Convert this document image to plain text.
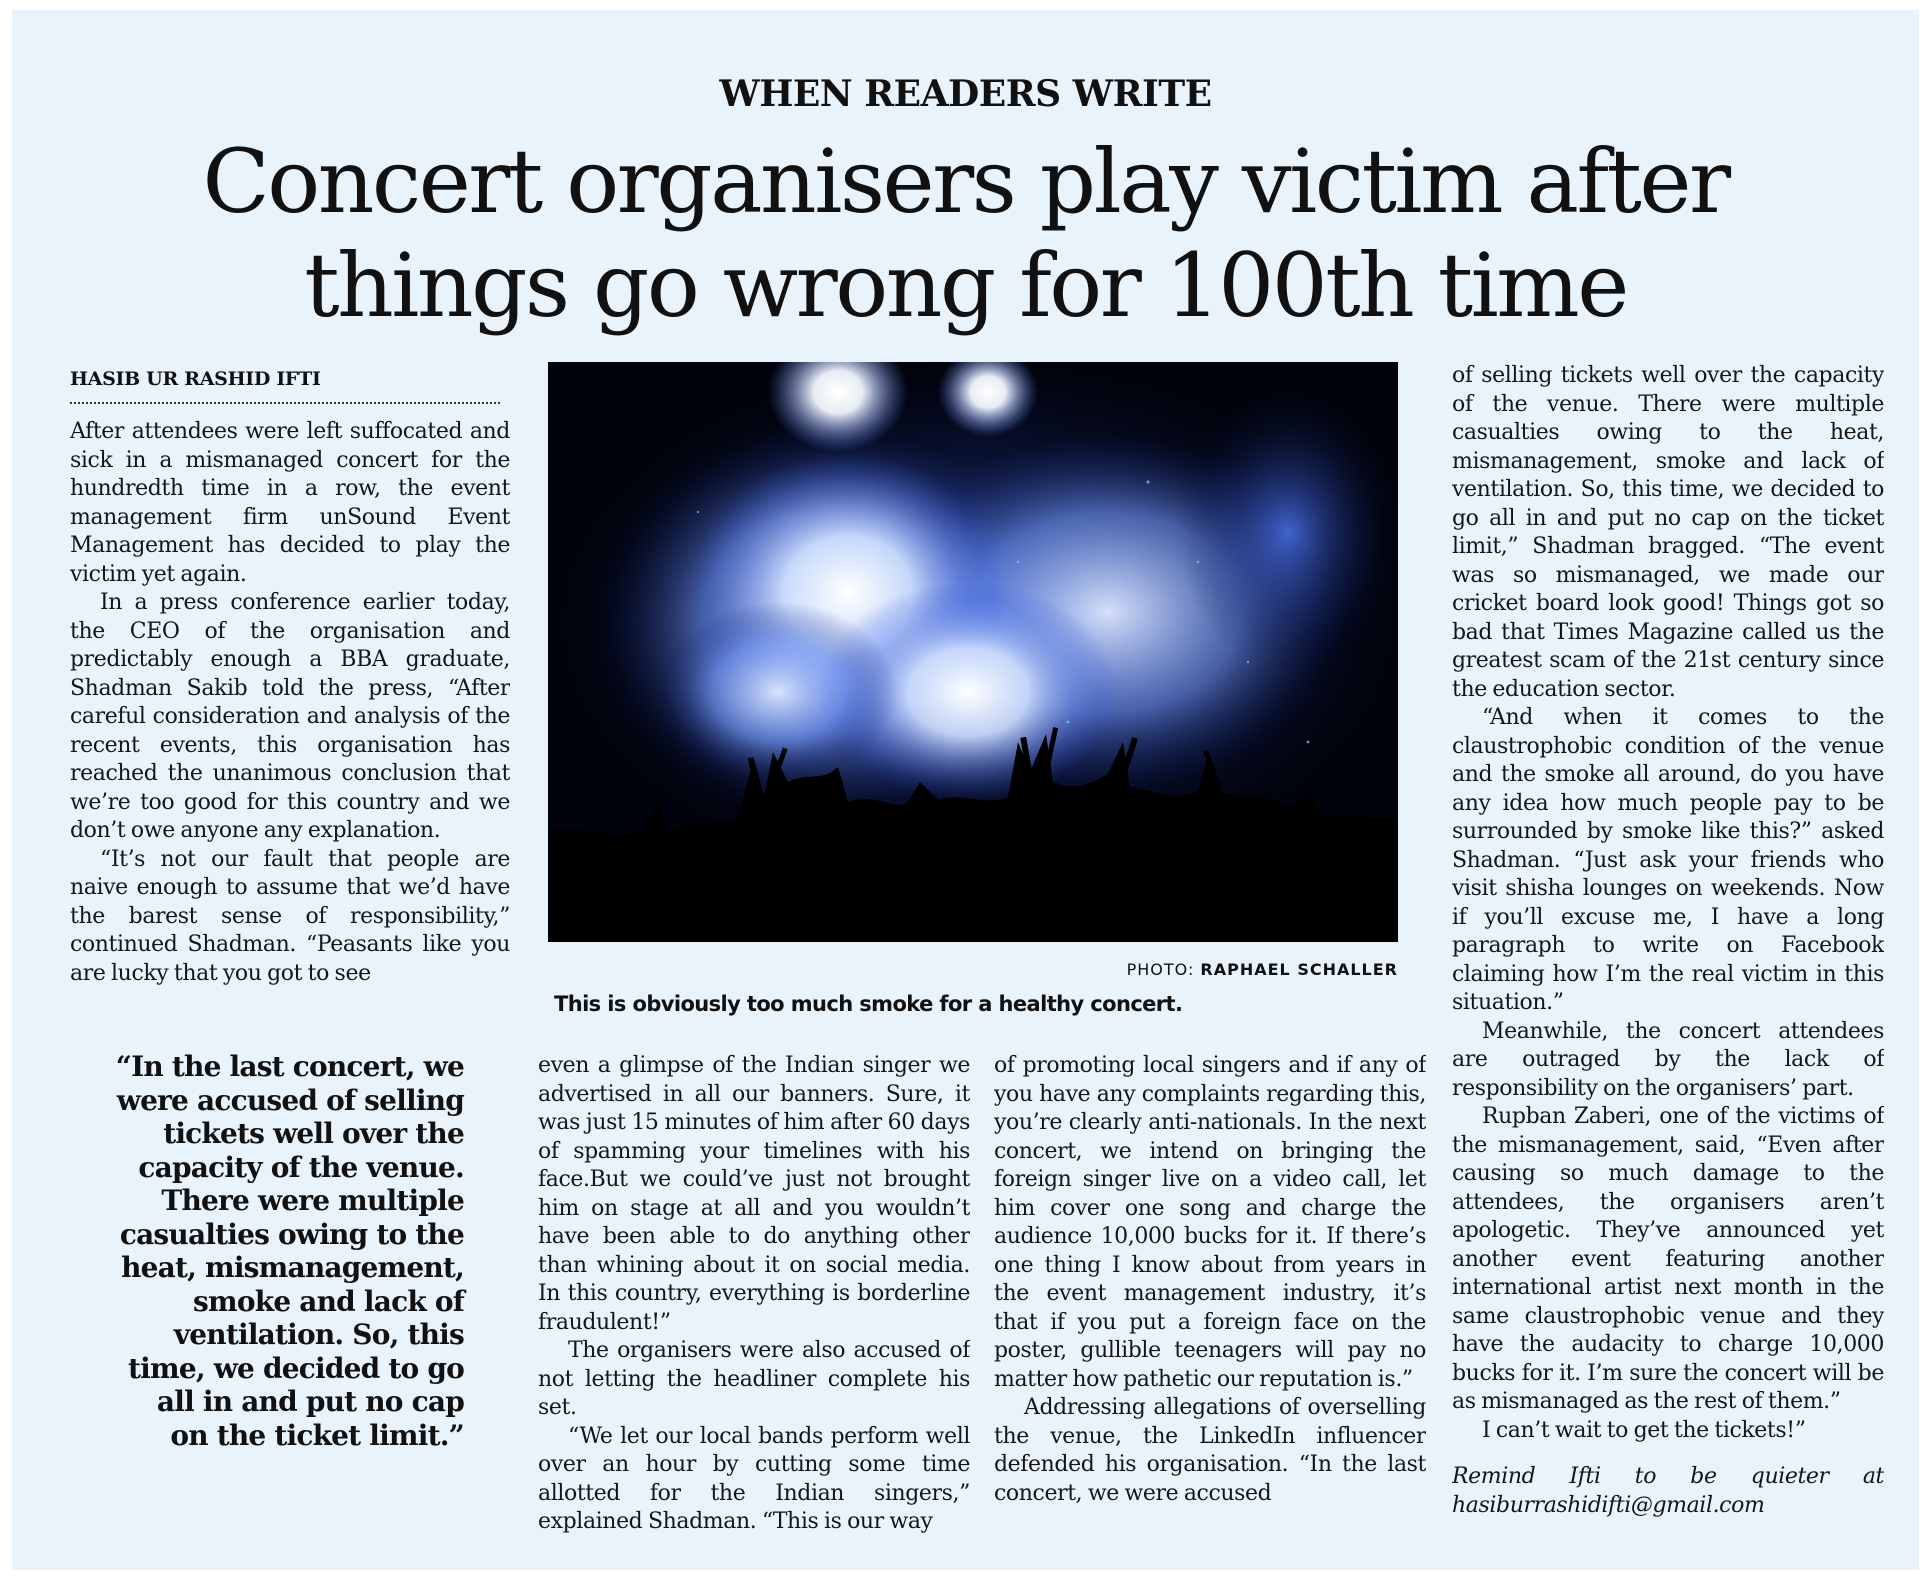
WHEN READERS WRITE
Concert organisers play victim after
things go wrong for 100th time
HASIB UR RASHID IFTI

After attendees were left suffocated and sick in a mismanaged concert for the hundredth time in a row, the event management firm unSound Event Management has decided to play the victim yet again.

In a press conference earlier today, the CEO of the organisation and predictably enough a BBA graduate, Shadman Sakib told the press, “After careful consideration and analysis of the recent events, this organisation has reached the unanimous conclusion that we’re too good for this country and we don’t owe anyone any explanation.

“It’s not our fault that people are naive enough to assume that we’d have the barest sense of responsibility,” continued Shadman. “Peasants like you are lucky that you got to see	PHOTO: RAPHAEL SCHALLER
This is obviously too much smoke for a healthy concert.
“In the last concert, we were accused of selling tickets well over the capacity of the venue. There were multiple casualties owing to the heat, mismanagement, smoke and lack of ventilation. So, this time, we decided to go all in and put no cap on the ticket limit.”

even a glimpse of the Indian singer we advertised in all our banners. Sure, it was just 15 minutes of him after 60 days of spamming your timelines with his face.But we could’ve just not brought him on stage at all and you wouldn’t have been able to do anything other than whining about it on social media. In this country, everything is borderline fraudulent!”

The organisers were also accused of not letting the headliner complete his set.

“We let our local bands perform well over an hour by cutting some time allotted for the Indian singers,” explained Shadman. “This is our way

of promoting local singers and if any of you have any complaints regarding this, you’re clearly anti-nationals. In the next concert, we intend on bringing the foreign singer live on a video call, let him cover one song and charge the audience 10,000 bucks for it. If there’s one thing I know about from years in the event management industry, it’s that if you put a foreign face on the poster, gullible teenagers will pay no matter how pathetic our reputation is.”

Addressing allegations of overselling the venue, the LinkedIn influencer defended his organisation. “In the last concert, we were accused

of selling tickets well over the capacity of the venue. There were multiple casualties owing to the heat, mismanagement, smoke and lack of ventilation. So, this time, we decided to go all in and put no cap on the ticket limit,” Shadman bragged. “The event was so mismanaged, we made our cricket board look good! Things got so bad that Times Magazine called us the greatest scam of the 21st century since the education sector.

“And when it comes to the claustrophobic condition of the venue and the smoke all around, do you have any idea how much people pay to be surrounded by smoke like this?” asked Shadman. “Just ask your friends who visit shisha lounges on weekends. Now if you’ll excuse me, I have a long paragraph to write on Facebook claiming how I’m the real victim in this situation.”

Meanwhile, the concert attendees are outraged by the lack of responsibility on the organisers’ part.

Rupban Zaberi, one of the victims of the mismanagement, said, “Even after causing so much damage to the attendees, the organisers aren’t apologetic. They’ve announced yet another event featuring another international artist next month in the same claustrophobic venue and they have the audacity to charge 10,000 bucks for it. I’m sure the concert will be as mismanaged as the rest of them.”

I can’t wait to get the tickets!”

Remind Ifti to be quieter at hasiburrashidifti@gmail.com
